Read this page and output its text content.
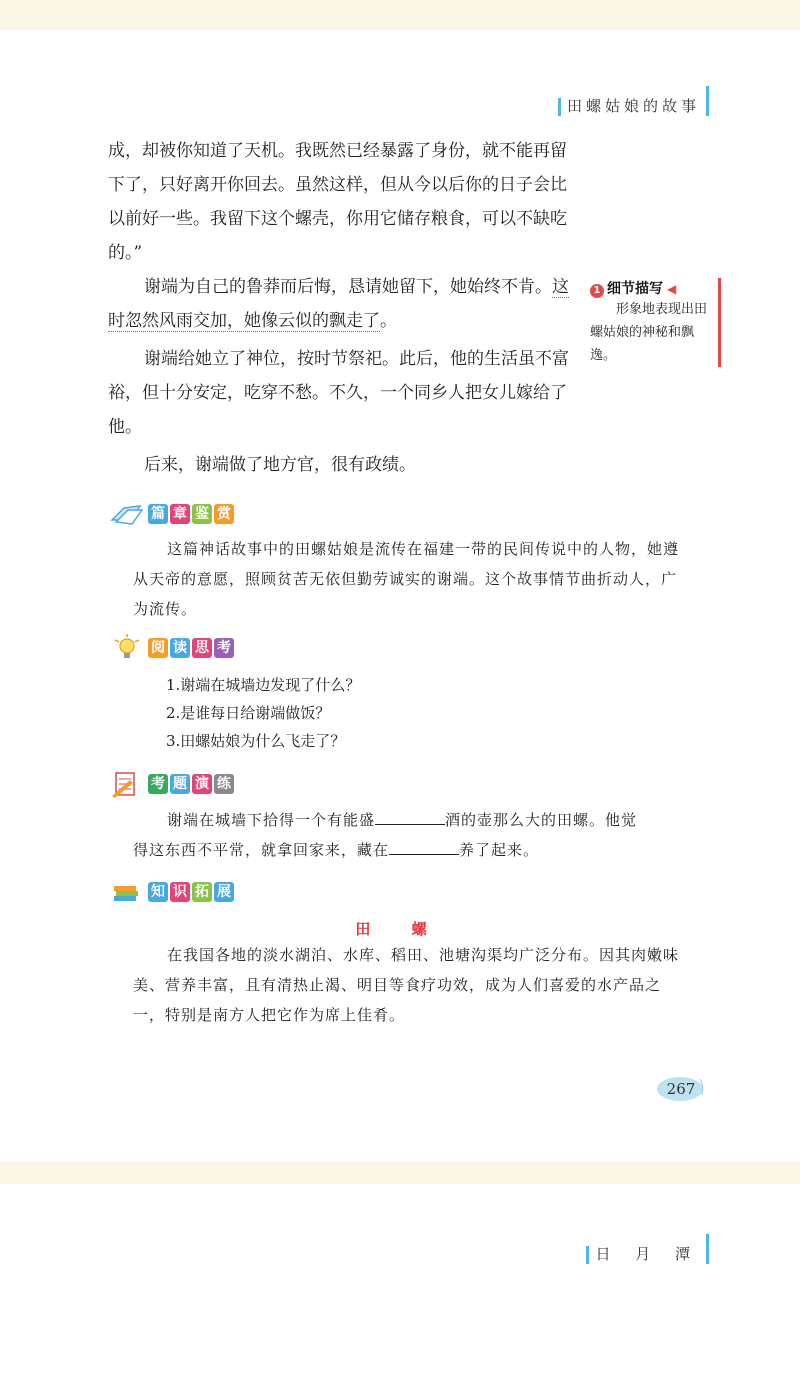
田螺姑娘的故事

成，却被你知道了天机。我既然已经暴露了身份，就不能再留下了，只好离开你回去。虽然这样，但从今以后你的日子会比以前好一些。我留下这个螺壳，你用它储存粮食，可以不缺吃的。”

谢端为自己的鲁莽而后悔，恳请她留下，她始终不肯。这时忽然风雨交加，她像云似的飘走了。

谢端给她立了神位，按时节祭祀。此后，他的生活虽不富裕，但十分安定，吃穿不愁。不久，一个同乡人把女儿嫁给了他。

后来，谢端做了地方官，很有政绩。

1 细节描写 ◀
形象地表现出田螺姑娘的神秘和飘逸。
篇 章 鉴 赏

这篇神话故事中的田螺姑娘是流传在福建一带的民间传说中的人物，她遵从天帝的意愿，照顾贫苦无依但勤劳诚实的谢端。这个故事情节曲折动人，广为流传。

阅 读 思 考
1.谢端在城墙边发现了什么？
2.是谁每日给谢端做饭？
3.田螺姑娘为什么飞走了？
考 题 演 练

谢端在城墙下拾得一个有能盛	酒的壶那么大的田螺。他觉
得这东西不平常，就拿回家来，藏在	养了起来。

知 识 拓 展
田 螺

在我国各地的淡水湖泊、水库、稻田、池塘沟渠均广泛分布。因其肉嫩味美、营养丰富，且有清热止渴、明目等食疗功效，成为人们喜爱的水产品之一，特别是南方人把它作为席上佳肴。

267
日 月 潭
